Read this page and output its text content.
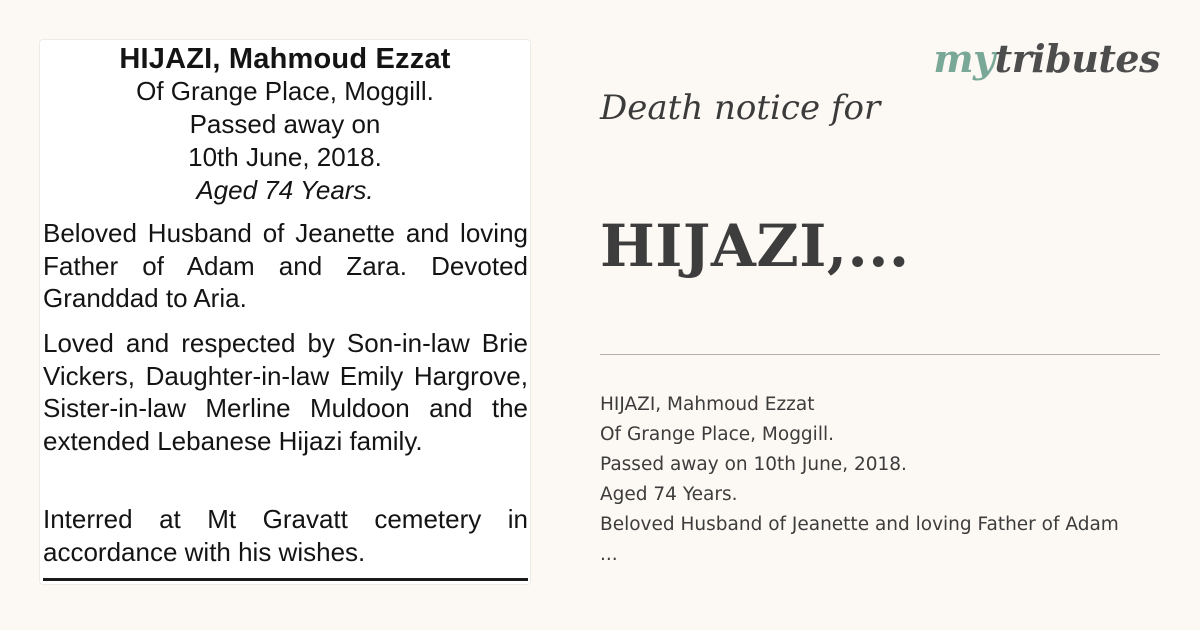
HIJAZI, Mahmoud Ezzat
Of Grange Place, Moggill.
Passed away on
10th June, 2018.
Aged 74 Years.
Beloved Husband of Jeanette and loving Father of Adam and Zara. Devoted Granddad to Aria.
Loved and respected by Son-in-law Brie Vickers, Daughter-in-law Emily Hargrove, Sister-in-law Merline Muldoon and the extended Lebanese Hijazi family.
Interred at Mt Gravatt cemetery in accordance with his wishes.
mytributes
Death notice for
HIJAZI,...
HIJAZI, Mahmoud Ezzat
Of Grange Place, Moggill.
Passed away on 10th June, 2018.
Aged 74 Years.
Beloved Husband of Jeanette and loving Father of Adam
...
